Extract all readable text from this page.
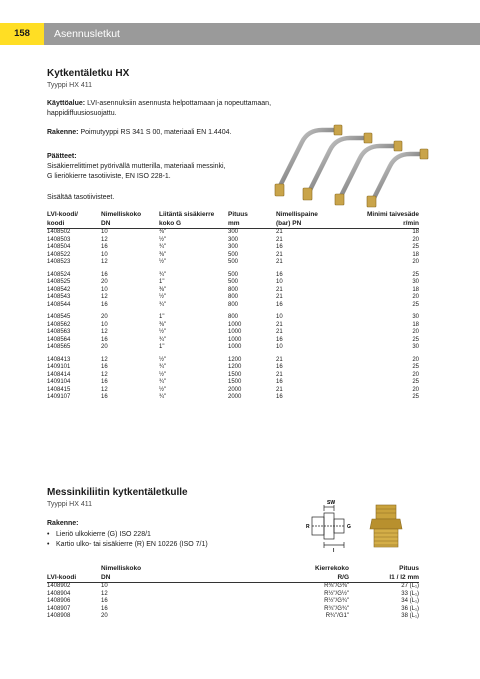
158	Asennusletkut
Kytkentäletku HX
Tyyppi HX 411
Käyttöalue: LVI-asennuksiin asennusta helpottamaan ja nopeuttamaan,
happidiffuusiosuojattu.
Rakenne: Poimutyyppi RS 341 S 00, materiaali EN 1.4404.
Päätteet:
Sisäkierrelittimet pyörivällä mutterilla, materiaali messinki,
G lieriökierre tasotiiviste, EN ISO 228-1.
Sisältää tasotiivisteet.
LVI-koodi/	Nimelliskoko	Liitäntä sisäkierre	Pituus	Nimellispaine	Minimi taivesäde
koodi	DN	koko G	mm	(bar) PN	r/min
1408502	10	⅜"	300	21	18
1408503	12	½"	300	21	20
1408504	16	¾"	300	16	25
1408522	10	⅜"	500	21	18
1408523	12	½"	500	21	20

1408524	16	¾"	500	16	25
1408525	20	1"	500	10	30
1408542	10	⅜"	800	21	18
1408543	12	½"	800	21	20
1408544	16	¾"	800	16	25

1408545	20	1"	800	10	30
1408562	10	⅜"	1000	21	18
1408563	12	½"	1000	21	20
1408564	16	¾"	1000	16	25
1408565	20	1"	1000	10	30

1408413	12	½"	1200	21	20
1409101	16	¾"	1200	16	25
1408414	12	½"	1500	21	20
1409104	16	¾"	1500	16	25
1408415	12	½"	2000	21	20
1409107	16	¾"	2000	16	25
Messinkiliitin kytkentäletkulle
Tyyppi HX 411
Rakenne:
• Lieriö ulkokierre (G) ISO 228/1
• Kartio ulko- tai sisäkierre (R) EN 10226 (ISO 7/1)
SW
R	G
l
	Nimelliskoko	Kierrekoko	Pituus
LVI-koodi	DN	R/G	l1 / l2 mm
1408902	10	R⅜"/G⅜"	27 (L₁)
1408904	12	R½"/G½"	33 (L₁)
1408906	16	R½"/G¾"	34 (L₁)
1408907	16	R¾"/G¾"	36 (L₁)
1408908	20	R¾"/G1"	38 (L₁)
